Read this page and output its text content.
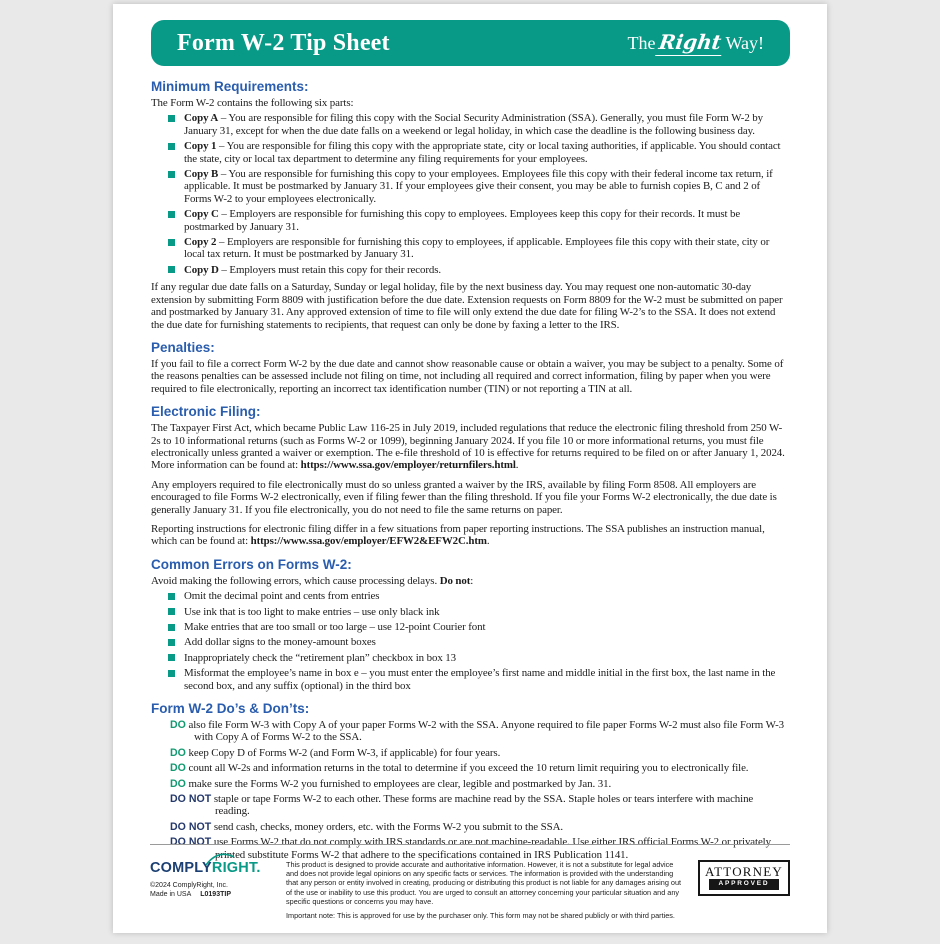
Form W-2 Tip Sheet	The Right Way!
Minimum Requirements:

The Form W-2 contains the following six parts:

Copy A – You are responsible for filing this copy with the Social Security Administration (SSA). Generally, you must file Form W-2 by January 31, except for when the due date falls on a weekend or legal holiday, in which case the deadline is the following business day.
Copy 1 – You are responsible for filing this copy with the appropriate state, city or local taxing authorities, if applicable. You should contact the state, city or local tax department to determine any filing requirements for your employees.
Copy B – You are responsible for furnishing this copy to your employees. Employees file this copy with their federal income tax return, if applicable. It must be postmarked by January 31. If your employees give their consent, you may be able to furnish copies B, C and 2 of Forms W-2 to your employees electronically.
Copy C – Employers are responsible for furnishing this copy to employees. Employees keep this copy for their records. It must be postmarked by January 31.
Copy 2 – Employers are responsible for furnishing this copy to employees, if applicable. Employees file this copy with their state, city or local tax return. It must be postmarked by January 31.
Copy D – Employers must retain this copy for their records.

If any regular due date falls on a Saturday, Sunday or legal holiday, file by the next business day. You may request one non-automatic 30-day extension by submitting Form 8809 with justification before the due date. Extension requests on Form 8809 for the W-2 must be submitted on paper and postmarked by January 31. Any approved extension of time to file will only extend the due date for filing W-2’s to the SSA. It does not extend the due date for furnishing statements to recipients, that request can only be done by faxing a letter to the IRS.

Penalties:

If you fail to file a correct Form W-2 by the due date and cannot show reasonable cause or obtain a waiver, you may be subject to a penalty. Some of the reasons penalties can be assessed include not filing on time, not including all required and correct information, filing by paper when you were required to file electronically, reporting an incorrect tax identification number (TIN) or not reporting a TIN at all.

Electronic Filing:

The Taxpayer First Act, which became Public Law 116-25 in July 2019, included regulations that reduce the electronic filing threshold from 250 W-2s to 10 informational returns (such as Forms W-2 or 1099), beginning January 2024. If you file 10 or more informational returns, you must file electronically unless granted a waiver or exemption. The e-file threshold of 10 is effective for returns required to be filed on or after January 1, 2024. More information can be found at: https://www.ssa.gov/employer/returnfilers.html.

Any employers required to file electronically must do so unless granted a waiver by the IRS, available by filing Form 8508. All employers are encouraged to file Forms W-2 electronically, even if filing fewer than the filing threshold. If you file your Forms W-2 electronically, the due date is generally January 31. If you file electronically, you do not need to file the same returns on paper.

Reporting instructions for electronic filing differ in a few situations from paper reporting instructions. The SSA publishes an instruction manual, which can be found at: https://www.ssa.gov/employer/EFW2&EFW2C.htm.

Common Errors on Forms W-2:

Avoid making the following errors, which cause processing delays. Do not:

Omit the decimal point and cents from entries
Use ink that is too light to make entries – use only black ink
Make entries that are too small or too large – use 12-point Courier font
Add dollar signs to the money-amount boxes
Inappropriately check the “retirement plan” checkbox in box 13
Misformat the employee’s name in box e – you must enter the employee’s first name and middle initial in the first box, the last name in the second box, and any suffix (optional) in the third box
Form W-2 Do’s & Don’ts:

DO also file Form W-3 with Copy A of your paper Forms W-2 with the SSA. Anyone required to file paper Forms W-2 must also file Form W-3 with Copy A of Forms W-2 to the SSA.

DO keep Copy D of Forms W-2 (and Form W-3, if applicable) for four years.

DO count all W-2s and information returns in the total to determine if you exceed the 10 return limit requiring you to electronically file.

DO make sure the Forms W-2 you furnished to employees are clear, legible and postmarked by Jan. 31.

DO NOT staple or tape Forms W-2 to each other. These forms are machine read by the SSA. Staple holes or tears interfere with machine reading.

DO NOT send cash, checks, money orders, etc. with the Forms W-2 you submit to the SSA.

DO NOT use Forms W-2 that do not comply with IRS standards or are not machine-readable. Use either IRS official Forms W-2 or privately printed substitute Forms W-2 that adhere to the specifications contained in IRS Publication 1141.

COMPLYRIGHT.
©2024 ComplyRight, Inc.
Made in USA L0193TIP
This product is designed to provide accurate and authoritative information. However, it is not a substitute for legal advice and does not provide legal opinions on any specific facts or services. The information is provided with the understanding that any person or entity involved in creating, producing or distributing this product is not liable for any damages arising out of the use or inability to use this product. You are urged to consult an attorney concerning your particular situation and any specific questions or concerns you may have.
Important note: This is approved for use by the purchaser only. This form may not be shared publicly or with third parties.
ATTORNEY
APPROVED
